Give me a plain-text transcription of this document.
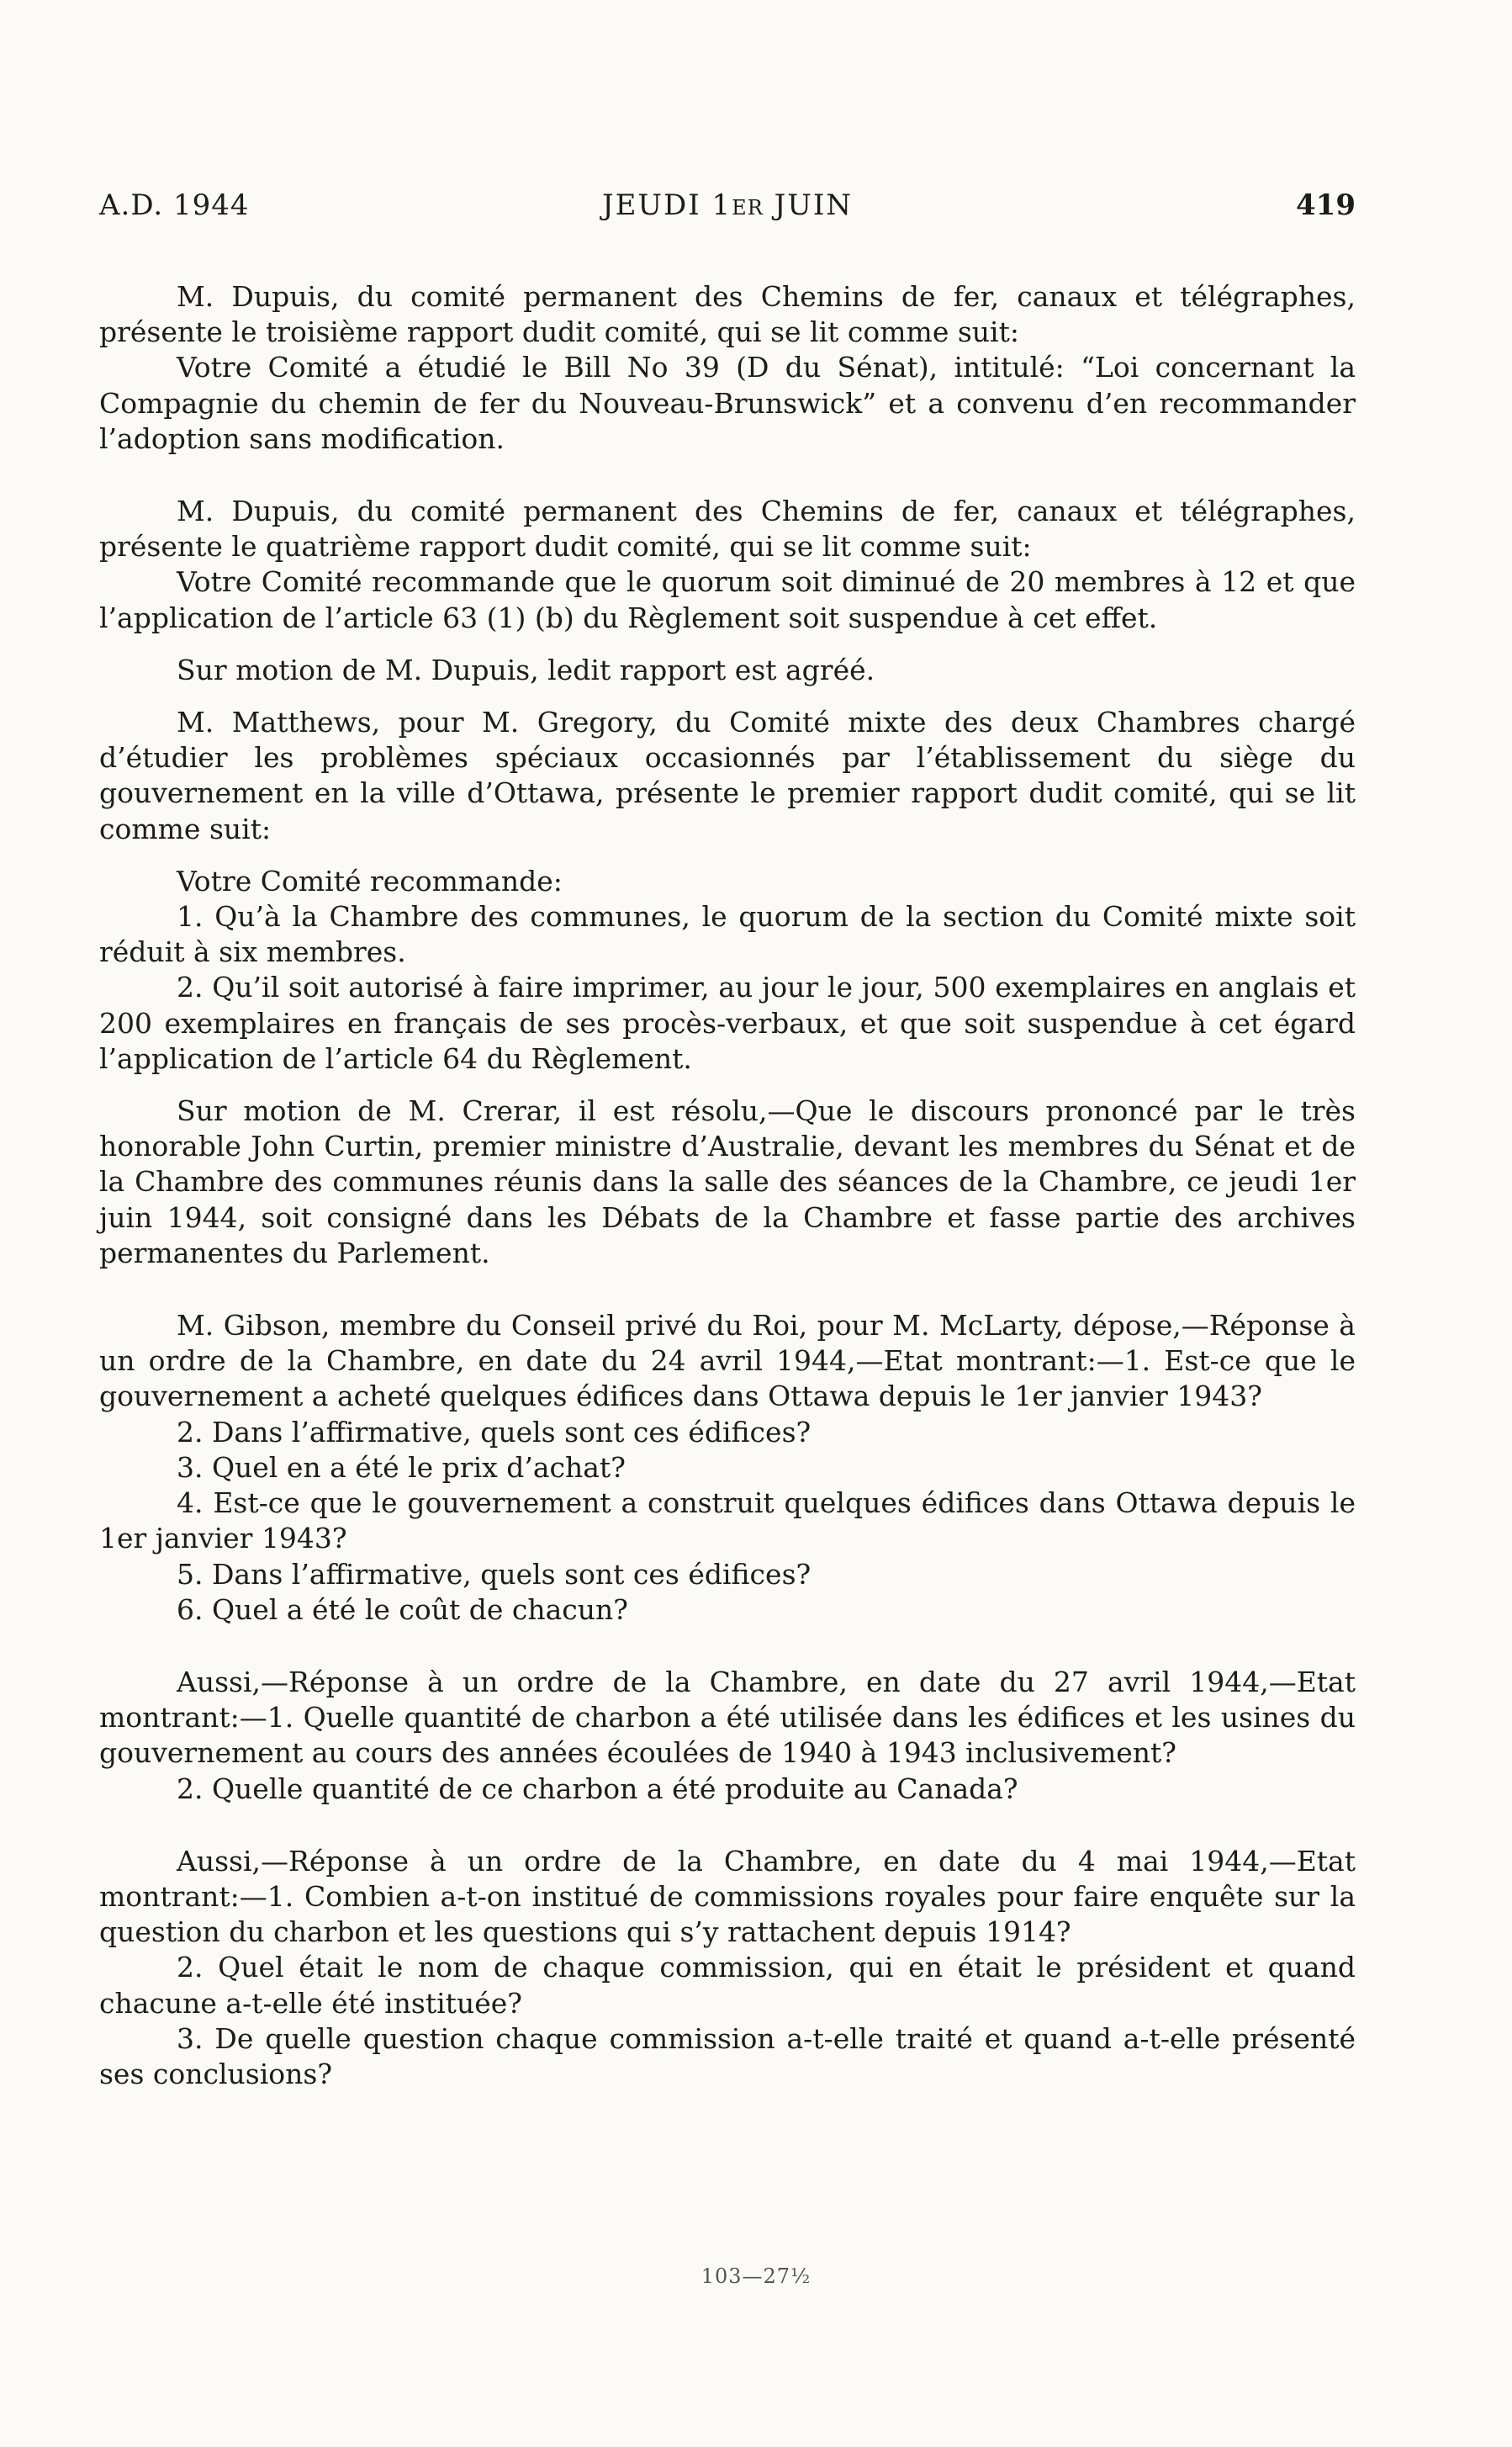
A.D. 1944	JEUDI 1ER JUIN	419

M. Dupuis, du comité permanent des Chemins de fer, canaux et télégraphes, présente le troisième rapport dudit comité, qui se lit comme suit:

Votre Comité a étudié le Bill No 39 (D du Sénat), intitulé: “Loi concernant la Compagnie du chemin de fer du Nouveau-Brunswick” et a convenu d’en recommander l’adoption sans modification.

M. Dupuis, du comité permanent des Chemins de fer, canaux et télégraphes, présente le quatrième rapport dudit comité, qui se lit comme suit:

Votre Comité recommande que le quorum soit diminué de 20 membres à 12 et que l’application de l’article 63 (1) (b) du Règlement soit suspendue à cet effet.

Sur motion de M. Dupuis, ledit rapport est agréé.

M. Matthews, pour M. Gregory, du Comité mixte des deux Chambres chargé d’étudier les problèmes spéciaux occasionnés par l’établissement du siège du gouvernement en la ville d’Ottawa, présente le premier rapport dudit comité, qui se lit comme suit:

Votre Comité recommande:

1. Qu’à la Chambre des communes, le quorum de la section du Comité mixte soit réduit à six membres.

2. Qu’il soit autorisé à faire imprimer, au jour le jour, 500 exemplaires en anglais et 200 exemplaires en français de ses procès-verbaux, et que soit suspendue à cet égard l’application de l’article 64 du Règlement.

Sur motion de M. Crerar, il est résolu,—Que le discours prononcé par le très honorable John Curtin, premier ministre d’Australie, devant les membres du Sénat et de la Chambre des communes réunis dans la salle des séances de la Chambre, ce jeudi 1er juin 1944, soit consigné dans les Débats de la Chambre et fasse partie des archives permanentes du Parlement.

M. Gibson, membre du Conseil privé du Roi, pour M. McLarty, dépose,—Réponse à un ordre de la Chambre, en date du 24 avril 1944,—Etat montrant:—1. Est-ce que le gouvernement a acheté quelques édifices dans Ottawa depuis le 1er janvier 1943?

2. Dans l’affirmative, quels sont ces édifices?

3. Quel en a été le prix d’achat?

4. Est-ce que le gouvernement a construit quelques édifices dans Ottawa depuis le 1er janvier 1943?

5. Dans l’affirmative, quels sont ces édifices?

6. Quel a été le coût de chacun?

Aussi,—Réponse à un ordre de la Chambre, en date du 27 avril 1944,—Etat montrant:—1. Quelle quantité de charbon a été utilisée dans les édifices et les usines du gouvernement au cours des années écoulées de 1940 à 1943 inclusivement?

2. Quelle quantité de ce charbon a été produite au Canada?

Aussi,—Réponse à un ordre de la Chambre, en date du 4 mai 1944,—Etat montrant:—1. Combien a-t-on institué de commissions royales pour faire enquête sur la question du charbon et les questions qui s’y rattachent depuis 1914?

2. Quel était le nom de chaque commission, qui en était le président et quand chacune a-t-elle été instituée?

3. De quelle question chaque commission a-t-elle traité et quand a-t-elle présenté ses conclusions?

103—27½
